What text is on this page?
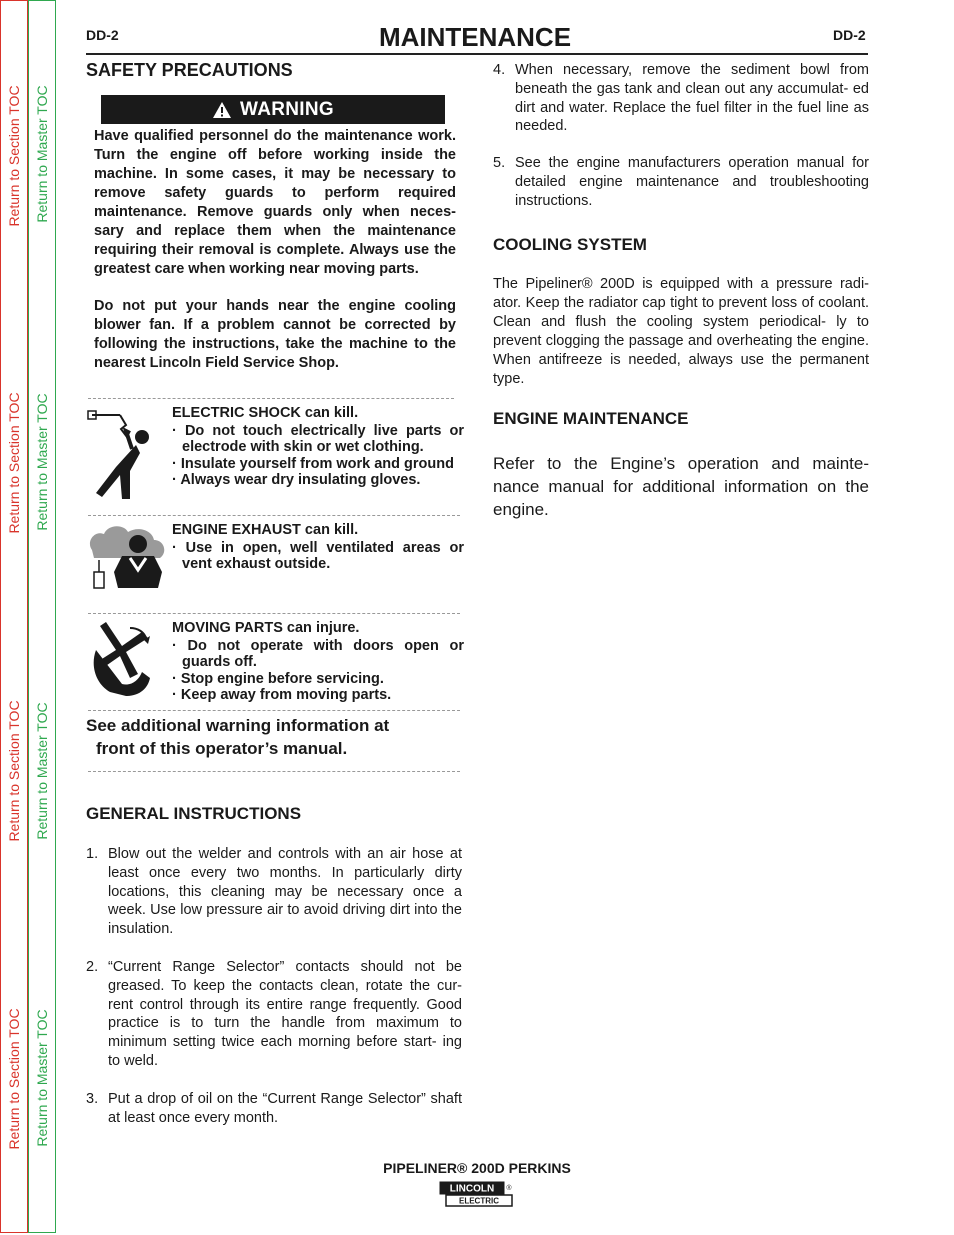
Return to Section TOC
Return to Section TOC
Return to Section TOC
Return to Section TOC
Return to Master TOC
Return to Master TOC
Return to Master TOC
Return to Master TOC
DD-2	MAINTENANCE	DD-2
SAFETY PRECAUTIONS
WARNING

Have qualified personnel do the maintenance work. Turn the engine off before working inside the machine. In some cases, it may be necessary to remove safety guards to perform required maintenance. Remove guards only when neces- sary and replace them when the maintenance requiring their removal is complete. Always use the greatest care when working near moving parts.

Do not put your hands near the engine cooling blower fan. If a problem cannot be corrected by following the instructions, take the machine to the nearest Lincoln Field Service Shop.

ELECTRIC SHOCK can kill.

· Do not touch electrically live parts or electrode with skin or wet clothing.
· Insulate yourself from work and ground
· Always wear dry insulating gloves.

ENGINE EXHAUST can kill.

· Use in open, well ventilated areas or vent exhaust outside.

MOVING PARTS can injure.

· Do not operate with doors open or guards off.
· Stop engine before servicing.
· Keep away from moving parts.
See additional warning information at
front of this operator’s manual.
GENERAL INSTRUCTIONS
1. Blow out the welder and controls with an air hose at least once every two months. In particularly dirty locations, this cleaning may be necessary once a week. Use low pressure air to avoid driving dirt into the insulation.
2. “Current Range Selector” contacts should not be greased. To keep the contacts clean, rotate the cur- rent control through its entire range frequently. Good practice is to turn the handle from maximum to minimum setting twice each morning before start- ing to weld.
3. Put a drop of oil on the “Current Range Selector” shaft at least once every month.
4. When necessary, remove the sediment bowl from beneath the gas tank and clean out any accumulat- ed dirt and water. Replace the fuel filter in the fuel line as needed.
5. See the engine manufacturers operation manual for detailed engine maintenance and troubleshooting instructions.
COOLING SYSTEM

The Pipeliner® 200D is equipped with a pressure radi- ator. Keep the radiator cap tight to prevent loss of coolant. Clean and flush the cooling system periodical- ly to prevent clogging the passage and overheating the engine. When antifreeze is needed, always use the permanent type.

ENGINE MAINTENANCE

Refer to the Engine’s operation and mainte- nance manual for additional information on the engine.

PIPELINER® 200D PERKINS
LINCOLN
ELECTRIC
®
